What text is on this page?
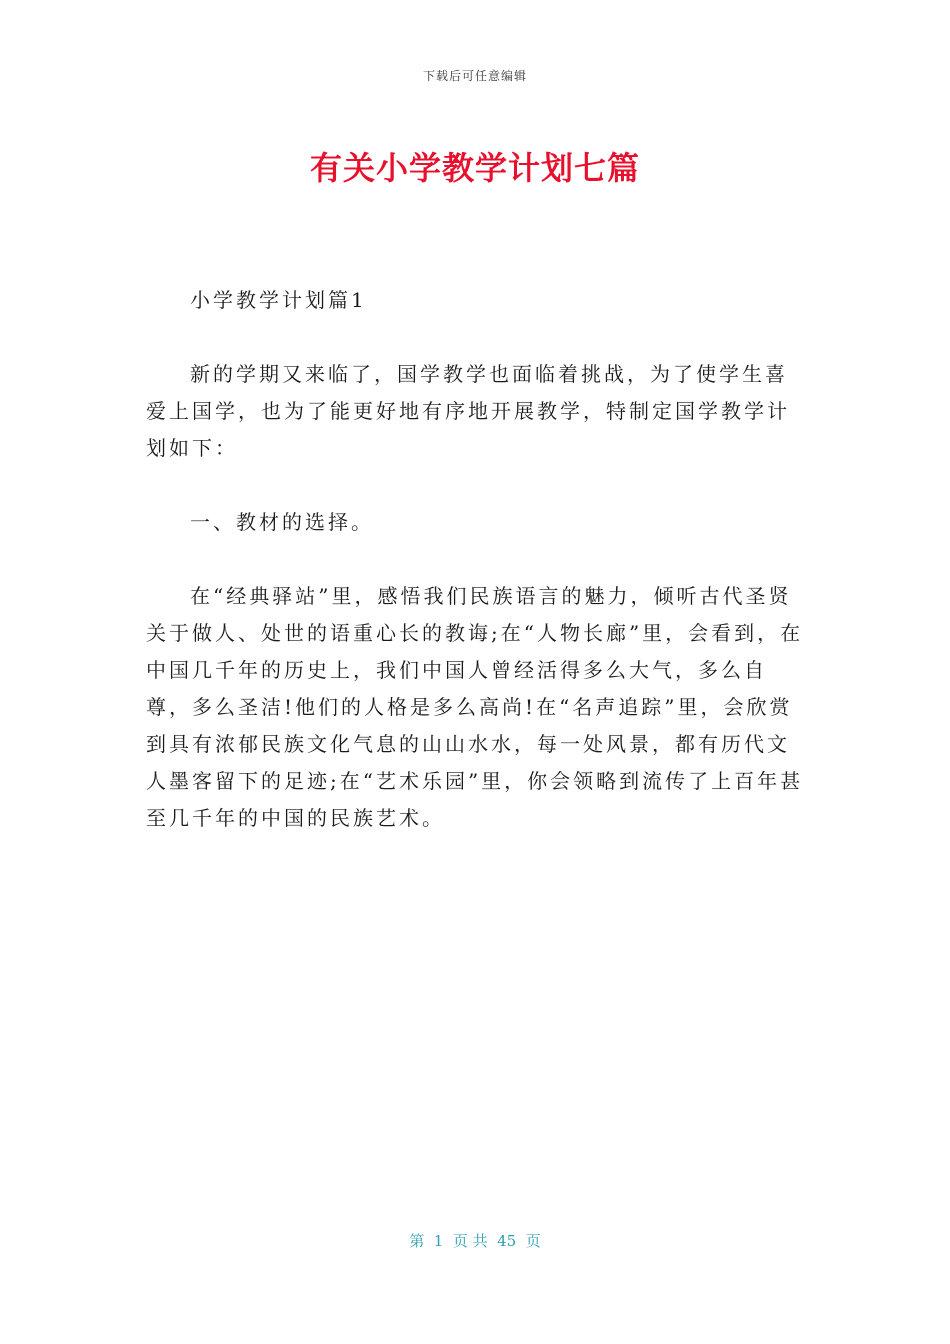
下载后可任意编辑
有关小学教学计划七篇

小学教学计划篇1

新的学期又来临了，国学教学也面临着挑战，为了使学生喜爱上国学，也为了能更好地有序地开展教学，特制定国学教学计划如下：

一、教材的选择。

在“经典驿站”里，感悟我们民族语言的魅力，倾听古代圣贤关于做人、处世的语重心长的教诲;在“人物长廊”里，会看到，在中国几千年的历史上，我们中国人曾经活得多么大气，多么自尊，多么圣洁!他们的人格是多么高尚!在“名声追踪”里，会欣赏到具有浓郁民族文化气息的山山水水，每一处风景，都有历代文人墨客留下的足迹;在“艺术乐园”里，你会领略到流传了上百年甚至几千年的中国的民族艺术。

第  1  页 共  45  页
